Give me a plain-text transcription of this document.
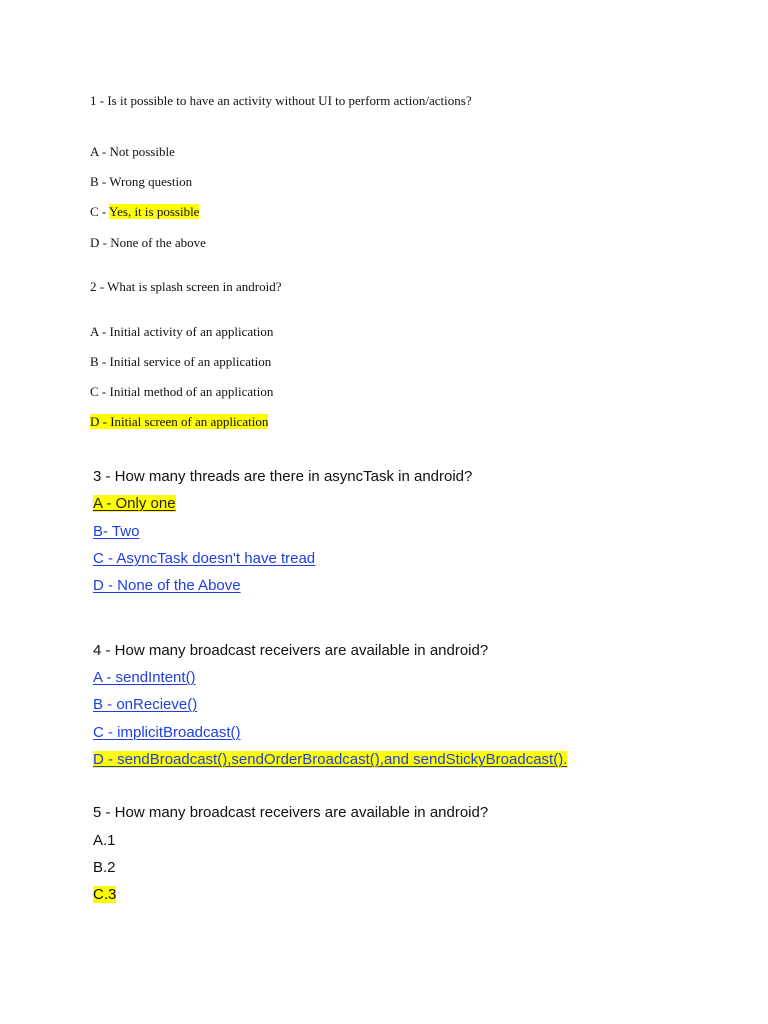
1 - Is it possible to have an activity without UI to perform action/actions?
A - Not possible
B - Wrong question
C - Yes, it is possible
D - None of the above
2 - What is splash screen in android?
A - Initial activity of an application
B - Initial service of an application
C - Initial method of an application
D - Initial screen of an application
3 - How many threads are there in asyncTask in android?
A - Only one
B- Two
C - AsyncTask doesn't have tread
D - None of the Above
4 - How many broadcast receivers are available in android?
A - sendIntent()
B - onRecieve()
C - implicitBroadcast()
D - sendBroadcast(),sendOrderBroadcast(),and sendStickyBroadcast().
5 - How many broadcast receivers are available in android?
A.1
B.2
C.3
